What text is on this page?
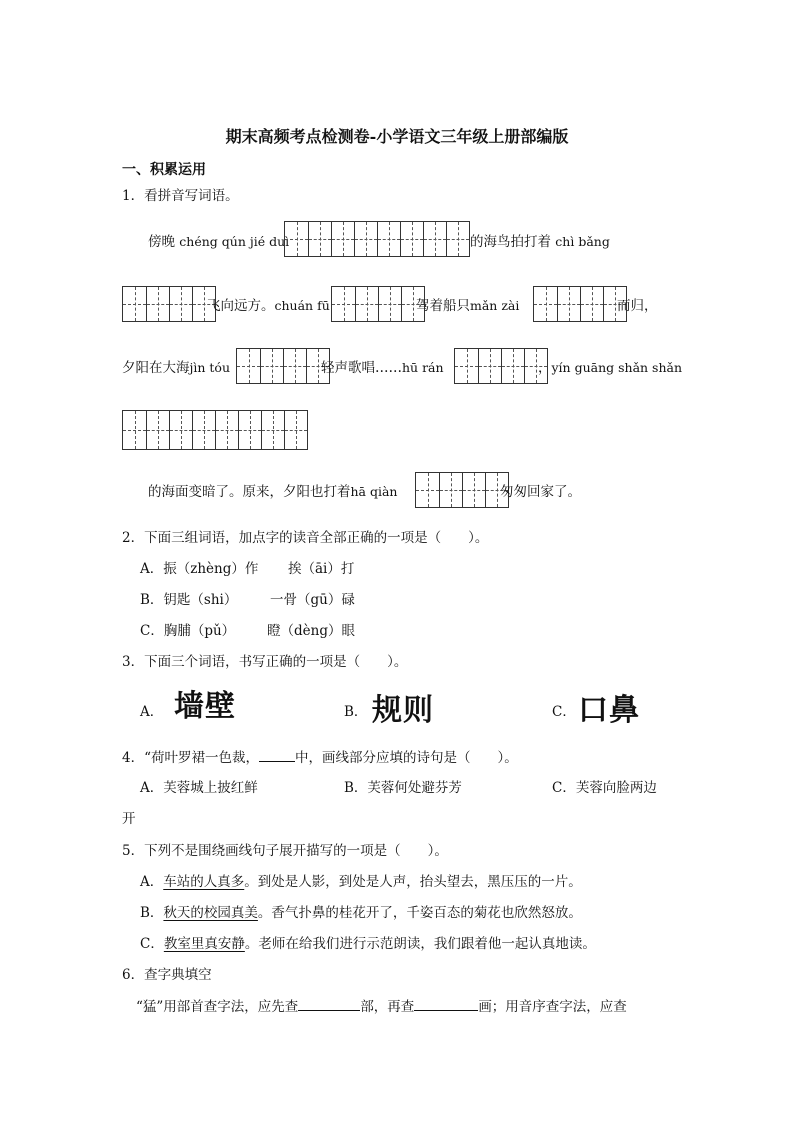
期末高频考点检测卷-小学语文三年级上册部编版
一、积累运用
1．看拼音写词语。
傍晚 chéng qún jié duì	的海鸟拍打着 chì bǎng
飞向远方。chuán fū	驾着船只mǎn zài	而归，
夕阳在大海jìn tóu	轻声歌唱……hū rán	，yín guāng shǎn shǎn
的海面变暗了。原来，夕阳也打着hā qiàn	匆匆回家了。
2．下面三组词语，加点字的读音全部正确的一项是（　　）。
A．振（zhèng）作 挨（āi）打
B．钥匙（shi） 一骨（gū）碌
C．胸脯（pǔ） 瞪（dèng）眼
3．下面三个词语，书写正确的一项是（　　）。
A． 墙壁	B． 规则	C． 口鼻
4．“荷叶罗裙一色裁，	中，画线部分应填的诗句是（　　）。
A．芙蓉城上披红鲜	B．芙蓉何处避芬芳	C．芙蓉向脸两边
开
5．下列不是围绕画线句子展开描写的一项是（　　）。
A．车站的人真多。到处是人影，到处是人声，抬头望去，黑压压的一片。
B．秋天的校园真美。香气扑鼻的桂花开了，千姿百态的菊花也欣然怒放。
C．教室里真安静。老师在给我们进行示范朗读，我们跟着他一起认真地读。
6．查字典填空
“猛”用部首查字法，应先查	部，再查	画；用音序查字法，应查
